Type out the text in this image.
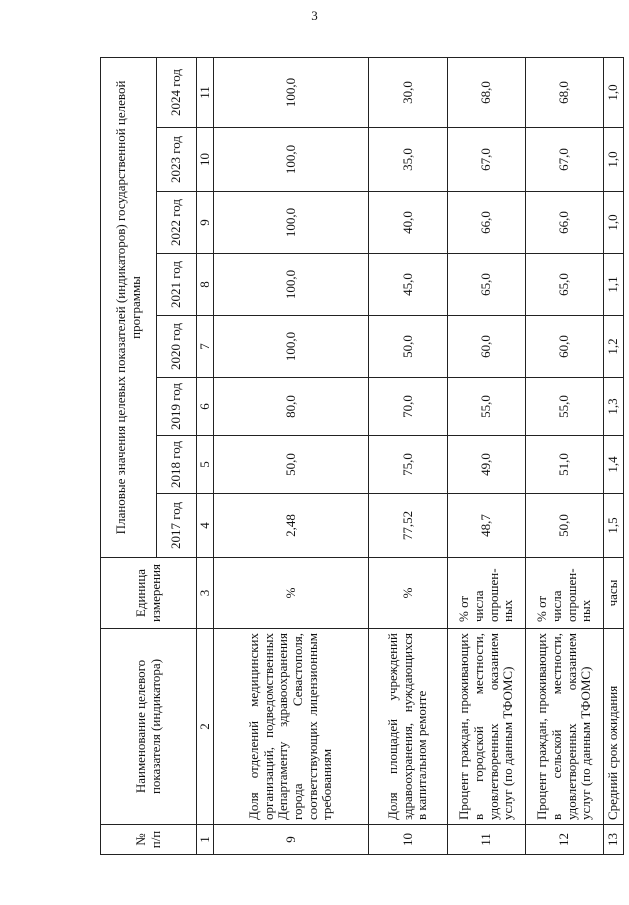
3
№ п/п	Наименование целевого показателя (индикатора)	Единица измерения	Плановые значения целевых показателей (индикаторов) государственной целевой программы							
			2017 год	2018 год	2019 год	2020 год	2021 год	2022 год	2023 год	2024 год
1	2	3	4	5	6	7	8	9	10	11
9	Доля отделений медицинских организаций, подведомственных Департаменту здравоохранения города Севастополя, соответствующих лицензионным требованиям	%	2,48	50,0	80,0	100,0	100,0	100,0	100,0	100,0
10	Доля площадей учреждений здравоохранения, нуждающихся в капитальном ремонте	%	77,52	75,0	70,0	50,0	45,0	40,0	35,0	30,0
11	Процент граждан, проживающих в городской местности, удовлетворенных оказанием услуг (по данным ТФОМС)	% от числа опрошен-ных	48,7	49,0	55,0	60,0	65,0	66,0	67,0	68,0
12	Процент граждан, проживающих в сельской местности, удовлетворенных оказанием услуг (по данным ТФОМС)	% от числа опрошен-ных	50,0	51,0	55,0	60,0	65,0	66,0	67,0	68,0
13	Средний срок ожидания	часы	1,5	1,4	1,3	1,2	1,1	1,0	1,0	1,0
